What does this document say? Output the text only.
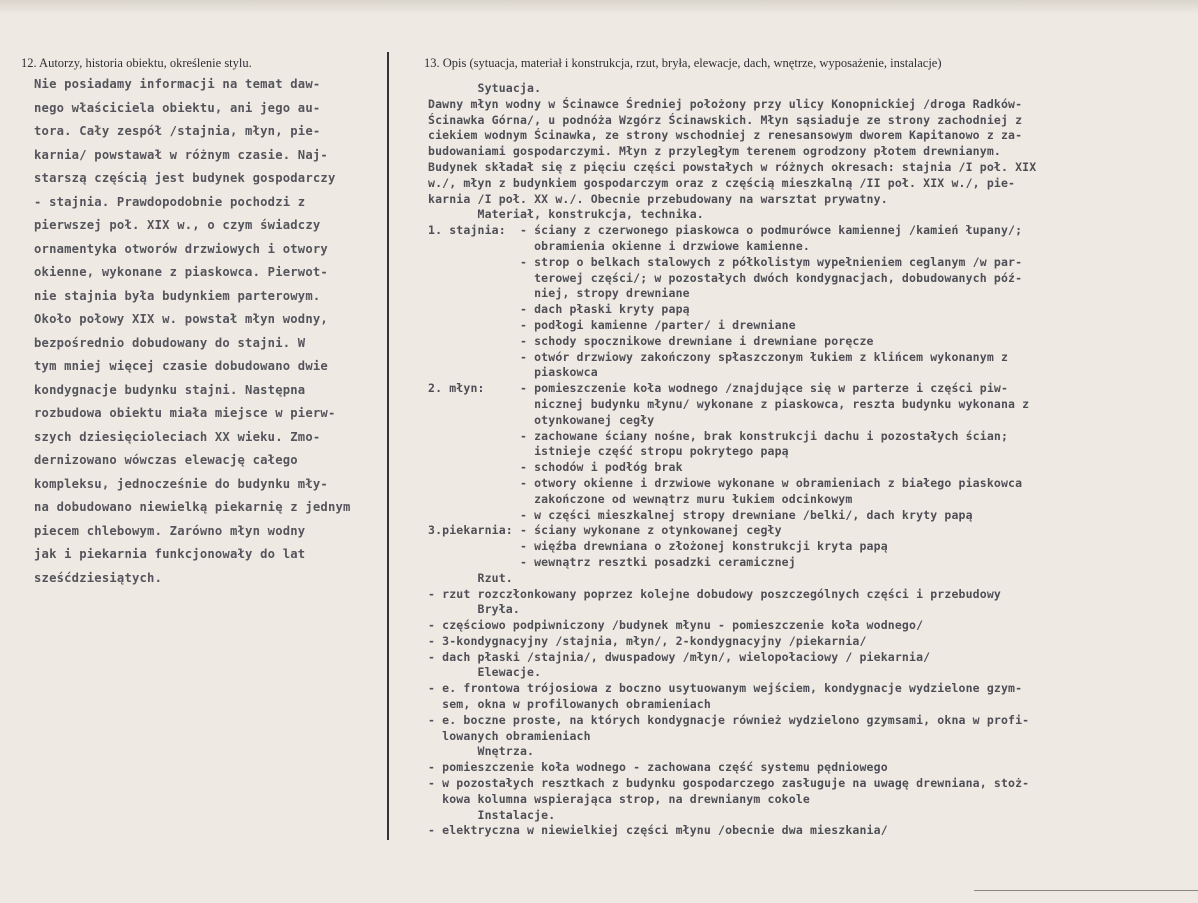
12. Autorzy, historia obiektu, określenie stylu.	13. Opis (sytuacja, materiał i konstrukcja, rzut, bryła, elewacje, dach, wnętrze, wyposażenie, instalacje)
Nie posiadamy informacji na temat daw-
nego właściciela obiektu, ani jego au-
tora. Cały zespół /stajnia, młyn, pie-
karnia/ powstawał w różnym czasie. Naj-
starszą częścią jest budynek gospodarczy
- stajnia. Prawdopodobnie pochodzi z
pierwszej poł. XIX w., o czym świadczy
ornamentyka otworów drzwiowych i otwory
okienne, wykonane z piaskowca. Pierwot-
nie stajnia była budynkiem parterowym.
Około połowy XIX w. powstał młyn wodny,
bezpośrednio dobudowany do stajni. W
tym mniej więcej czasie dobudowano dwie
kondygnacje budynku stajni. Następna
rozbudowa obiektu miała miejsce w pierw-
szych dziesięcioleciach XX wieku. Zmo-
dernizowano wówczas elewację całego
kompleksu, jednocześnie do budynku mły-
na dobudowano niewielką piekarnię z jednym
piecem chlebowym. Zarówno młyn wodny
jak i piekarnia funkcjonowały do lat
sześćdziesiątych.
Sytuacja.
Dawny młyn wodny w Ścinawce Średniej położony przy ulicy Konopnickiej /droga Radków-
Ścinawka Górna/, u podnóża Wzgórz Ścinawskich. Młyn sąsiaduje ze strony zachodniej z
ciekiem wodnym Ścinawka, ze strony wschodniej z renesansowym dworem Kapitanowo z za-
budowaniami gospodarczymi. Młyn z przyległym terenem ogrodzony płotem drewnianym.
Budynek składał się z pięciu części powstałych w różnych okresach: stajnia /I poł. XIX
w./, młyn z budynkiem gospodarczym oraz z częścią mieszkalną /II poł. XIX w./, pie-
karnia /I poł. XX w./. Obecnie przebudowany na warsztat prywatny.
Materiał, konstrukcja, technika.
1. stajnia:  - ściany z czerwonego piaskowca o podmurówce kamiennej /kamień łupany/;
obramienia okienne i drzwiowe kamienne.
- strop o belkach stalowych z półkolistym wypełnieniem ceglanym /w par-
terowej części/; w pozostałych dwóch kondygnacjach, dobudowanych póź-
niej, stropy drewniane
- dach płaski kryty papą
- podłogi kamienne /parter/ i drewniane
- schody spocznikowe drewniane i drewniane poręcze
- otwór drzwiowy zakończony spłaszczonym łukiem z klińcem wykonanym z
piaskowca
2. młyn:     - pomieszczenie koła wodnego /znajdujące się w parterze i części piw-
nicznej budynku młynu/ wykonane z piaskowca, reszta budynku wykonana z
otynkowanej cegły
- zachowane ściany nośne, brak konstrukcji dachu i pozostałych ścian;
istnieje część stropu pokrytego papą
- schodów i podłóg brak
- otwory okienne i drzwiowe wykonane w obramieniach z białego piaskowca
zakończone od wewnątrz muru łukiem odcinkowym
- w części mieszkalnej stropy drewniane /belki/, dach kryty papą
3.piekarnia: - ściany wykonane z otynkowanej cegły
- więźba drewniana o złożonej konstrukcji kryta papą
- wewnątrz resztki posadzki ceramicznej
Rzut.
- rzut rozczłonkowany poprzez kolejne dobudowy poszczególnych części i przebudowy
Bryła.
- częściowo podpiwniczony /budynek młynu - pomieszczenie koła wodnego/
- 3-kondygnacyjny /stajnia, młyn/, 2-kondygnacyjny /piekarnia/
- dach płaski /stajnia/, dwuspadowy /młyn/, wielopołaciowy / piekarnia/
Elewacje.
- e. frontowa trójosiowa z boczno usytuowanym wejściem, kondygnacje wydzielone gzym-
sem, okna w profilowanych obramieniach
- e. boczne proste, na których kondygnacje również wydzielono gzymsami, okna w profi-
lowanych obramieniach
Wnętrza.
- pomieszczenie koła wodnego - zachowana część systemu pędniowego
- w pozostałych resztkach z budynku gospodarczego zasługuje na uwagę drewniana, stoż-
kowa kolumna wspierająca strop, na drewnianym cokole
Instalacje.
- elektryczna w niewielkiej części młynu /obecnie dwa mieszkania/
